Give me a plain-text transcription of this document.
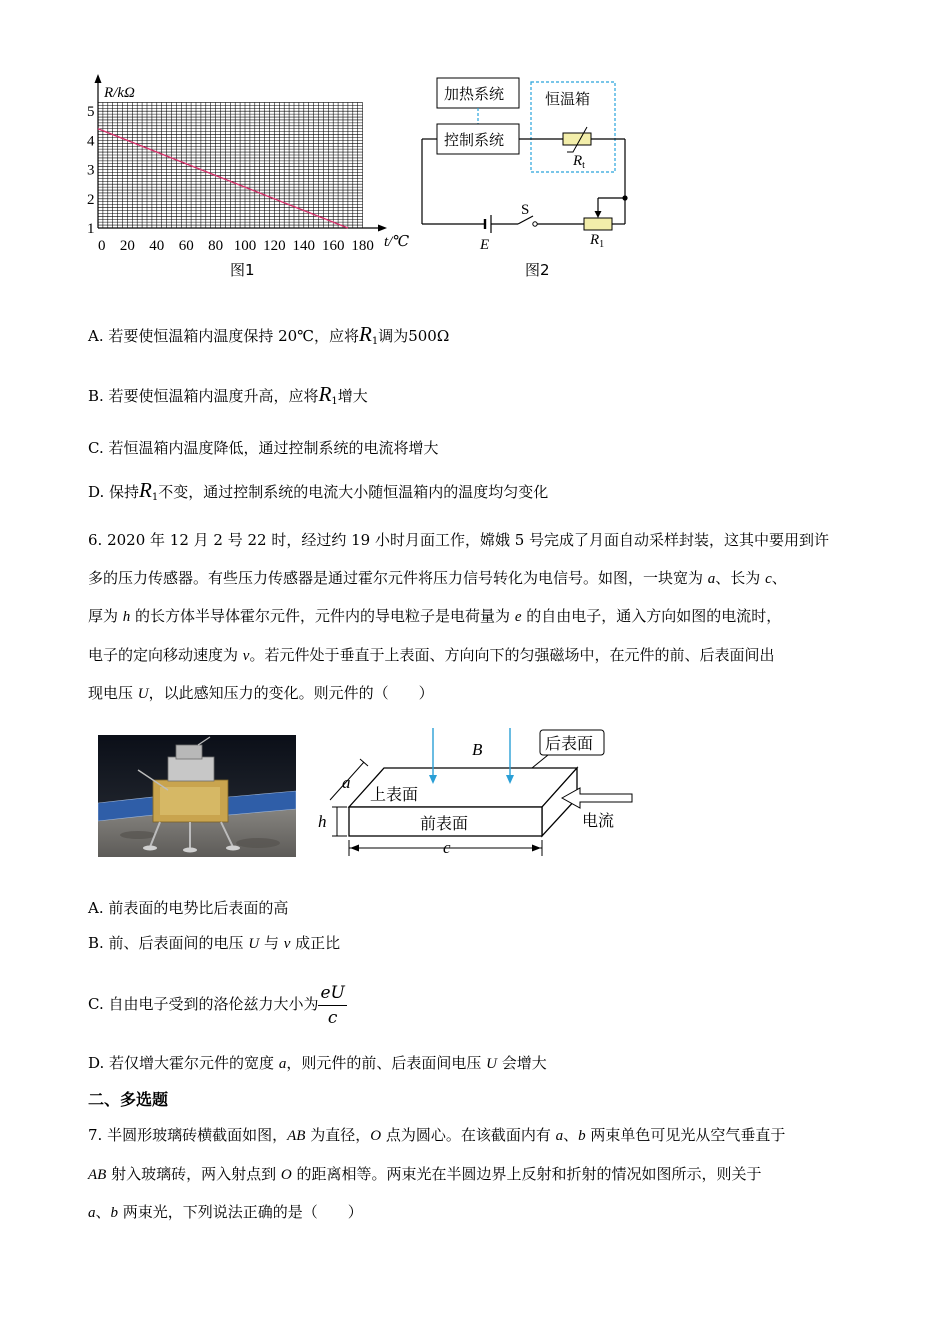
1
2
3
4
5
0 20 40 60 80 100 120 140 160 180
R/kΩ
t/℃
图1
加热系统
控制系统
恒温箱
$R_t$
$R_1$
S
E
图2
A. 若要使恒温箱内温度保持 20℃，应将$R_1$调为500Ω
B. 若要使恒温箱内温度升高，应将$R_1$增大
C. 若恒温箱内温度降低，通过控制系统的电流将增大
D. 保持$R_1$不变，通过控制系统的电流大小随恒温箱内的温度均匀变化
6. 2020 年 12 月 2 号 22 时，经过约 19 小时月面工作，嫦娥 5 号完成了月面自动采样封装，这其中要用到许
多的压力传感器。有些压力传感器是通过霍尔元件将压力信号转化为电信号。如图，一块宽为 a、长为 c、
厚为 h 的长方体半导体霍尔元件，元件内的导电粒子是电荷量为 e 的自由电子，通入方向如图的电流时，
电子的定向移动速度为 v。若元件处于垂直于上表面、方向向下的匀强磁场中，在元件的前、后表面间出
现电压 U，以此感知压力的变化。则元件的（　　）
B	后表面
上表面
前表面	电流
a
h
c
A. 前表面的电势比后表面的高
B. 前、后表面间的电压 U 与 v 成正比
C. 自由电子受到的洛伦兹力大小为 $\frac{eU}{c}$
D. 若仅增大霍尔元件的宽度 a，则元件的前、后表面间电压 U 会增大
二、多选题
7. 半圆形玻璃砖横截面如图，AB 为直径，O 点为圆心。在该截面内有 a、b 两束单色可见光从空气垂直于
AB 射入玻璃砖，两入射点到 O 的距离相等。两束光在半圆边界上反射和折射的情况如图所示，则关于
a、b 两束光，下列说法正确的是（　　）
